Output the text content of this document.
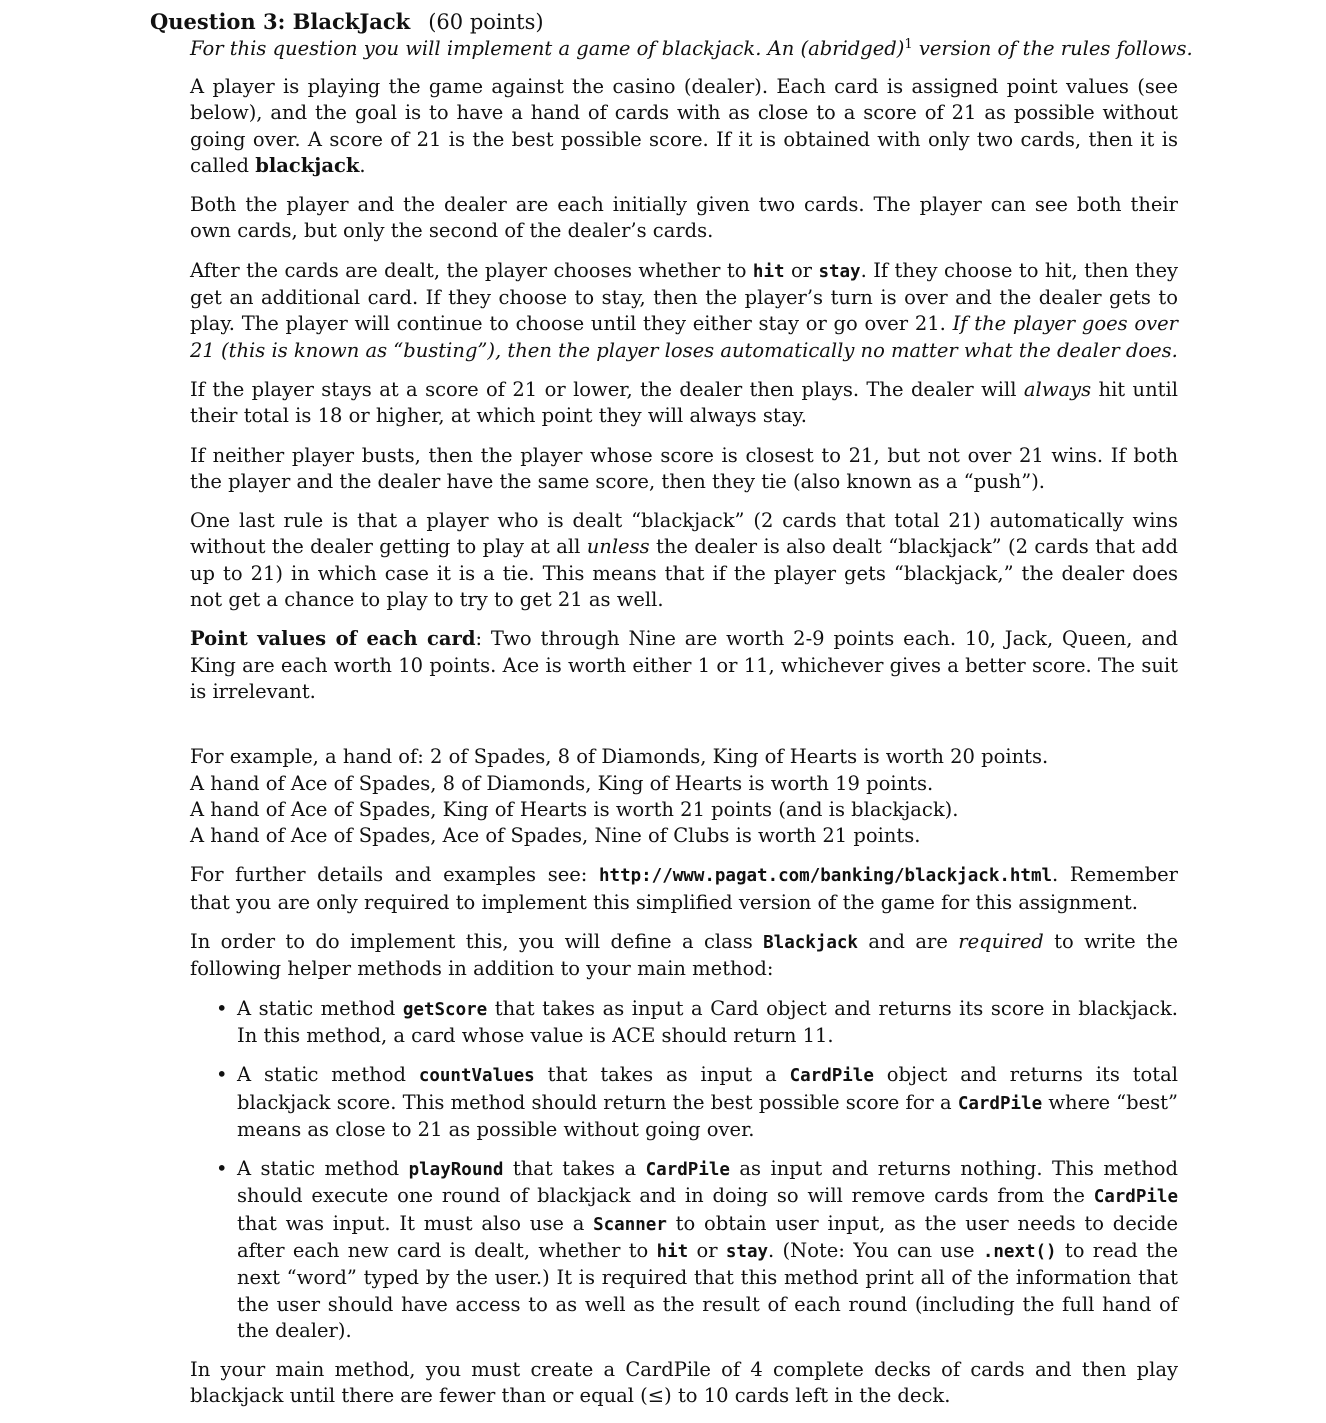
Question 3: BlackJack (60 points)
For this question you will implement a game of blackjack. An (abridged)$^1$ version of the rules follows.

A player is playing the game against the casino (dealer). Each card is assigned point values (see below), and the goal is to have a hand of cards with as close to a score of 21 as possible without going over. A score of 21 is the best possible score. If it is obtained with only two cards, then it is called blackjack.

Both the player and the dealer are each initially given two cards. The player can see both their own cards, but only the second of the dealer’s cards.

After the cards are dealt, the player chooses whether to hit or stay. If they choose to hit, then they get an additional card. If they choose to stay, then the player’s turn is over and the dealer gets to play. The player will continue to choose until they either stay or go over 21. If the player goes over 21 (this is known as “busting”), then the player loses automatically no matter what the dealer does.

If the player stays at a score of 21 or lower, the dealer then plays. The dealer will always hit until their total is 18 or higher, at which point they will always stay.

If neither player busts, then the player whose score is closest to 21, but not over 21 wins. If both the player and the dealer have the same score, then they tie (also known as a “push”).

One last rule is that a player who is dealt “blackjack” (2 cards that total 21) automatically wins without the dealer getting to play at all unless the dealer is also dealt “blackjack” (2 cards that add up to 21) in which case it is a tie. This means that if the player gets “blackjack,” the dealer does not get a chance to play to try to get 21 as well.

Point values of each card: Two through Nine are worth 2-9 points each. 10, Jack, Queen, and King are each worth 10 points. Ace is worth either 1 or 11, whichever gives a better score. The suit is irrelevant.

For example, a hand of: 2 of Spades, 8 of Diamonds, King of Hearts is worth 20 points.
A hand of Ace of Spades, 8 of Diamonds, King of Hearts is worth 19 points.
A hand of Ace of Spades, King of Hearts is worth 21 points (and is blackjack).
A hand of Ace of Spades, Ace of Spades, Nine of Clubs is worth 21 points.

For further details and examples see: http://www.pagat.com/banking/blackjack.html. Remember that you are only required to implement this simplified version of the game for this assignment.

In order to do implement this, you will define a class Blackjack and are required to write the following helper methods in addition to your main method:

• A static method getScore that takes as input a Card object and returns its score in blackjack. In this method, a card whose value is ACE should return 11.
• A static method countValues that takes as input a CardPile object and returns its total blackjack score. This method should return the best possible score for a CardPile where “best” means as close to 21 as possible without going over.
• A static method playRound that takes a CardPile as input and returns nothing. This method should execute one round of blackjack and in doing so will remove cards from the CardPile that was input. It must also use a Scanner to obtain user input, as the user needs to decide after each new card is dealt, whether to hit or stay. (Note: You can use .next() to read the next “word” typed by the user.) It is required that this method print all of the information that the user should have access to as well as the result of each round (including the full hand of the dealer).

In your main method, you must create a CardPile of 4 complete decks of cards and then play blackjack until there are fewer than or equal (≤) to 10 cards left in the deck.
